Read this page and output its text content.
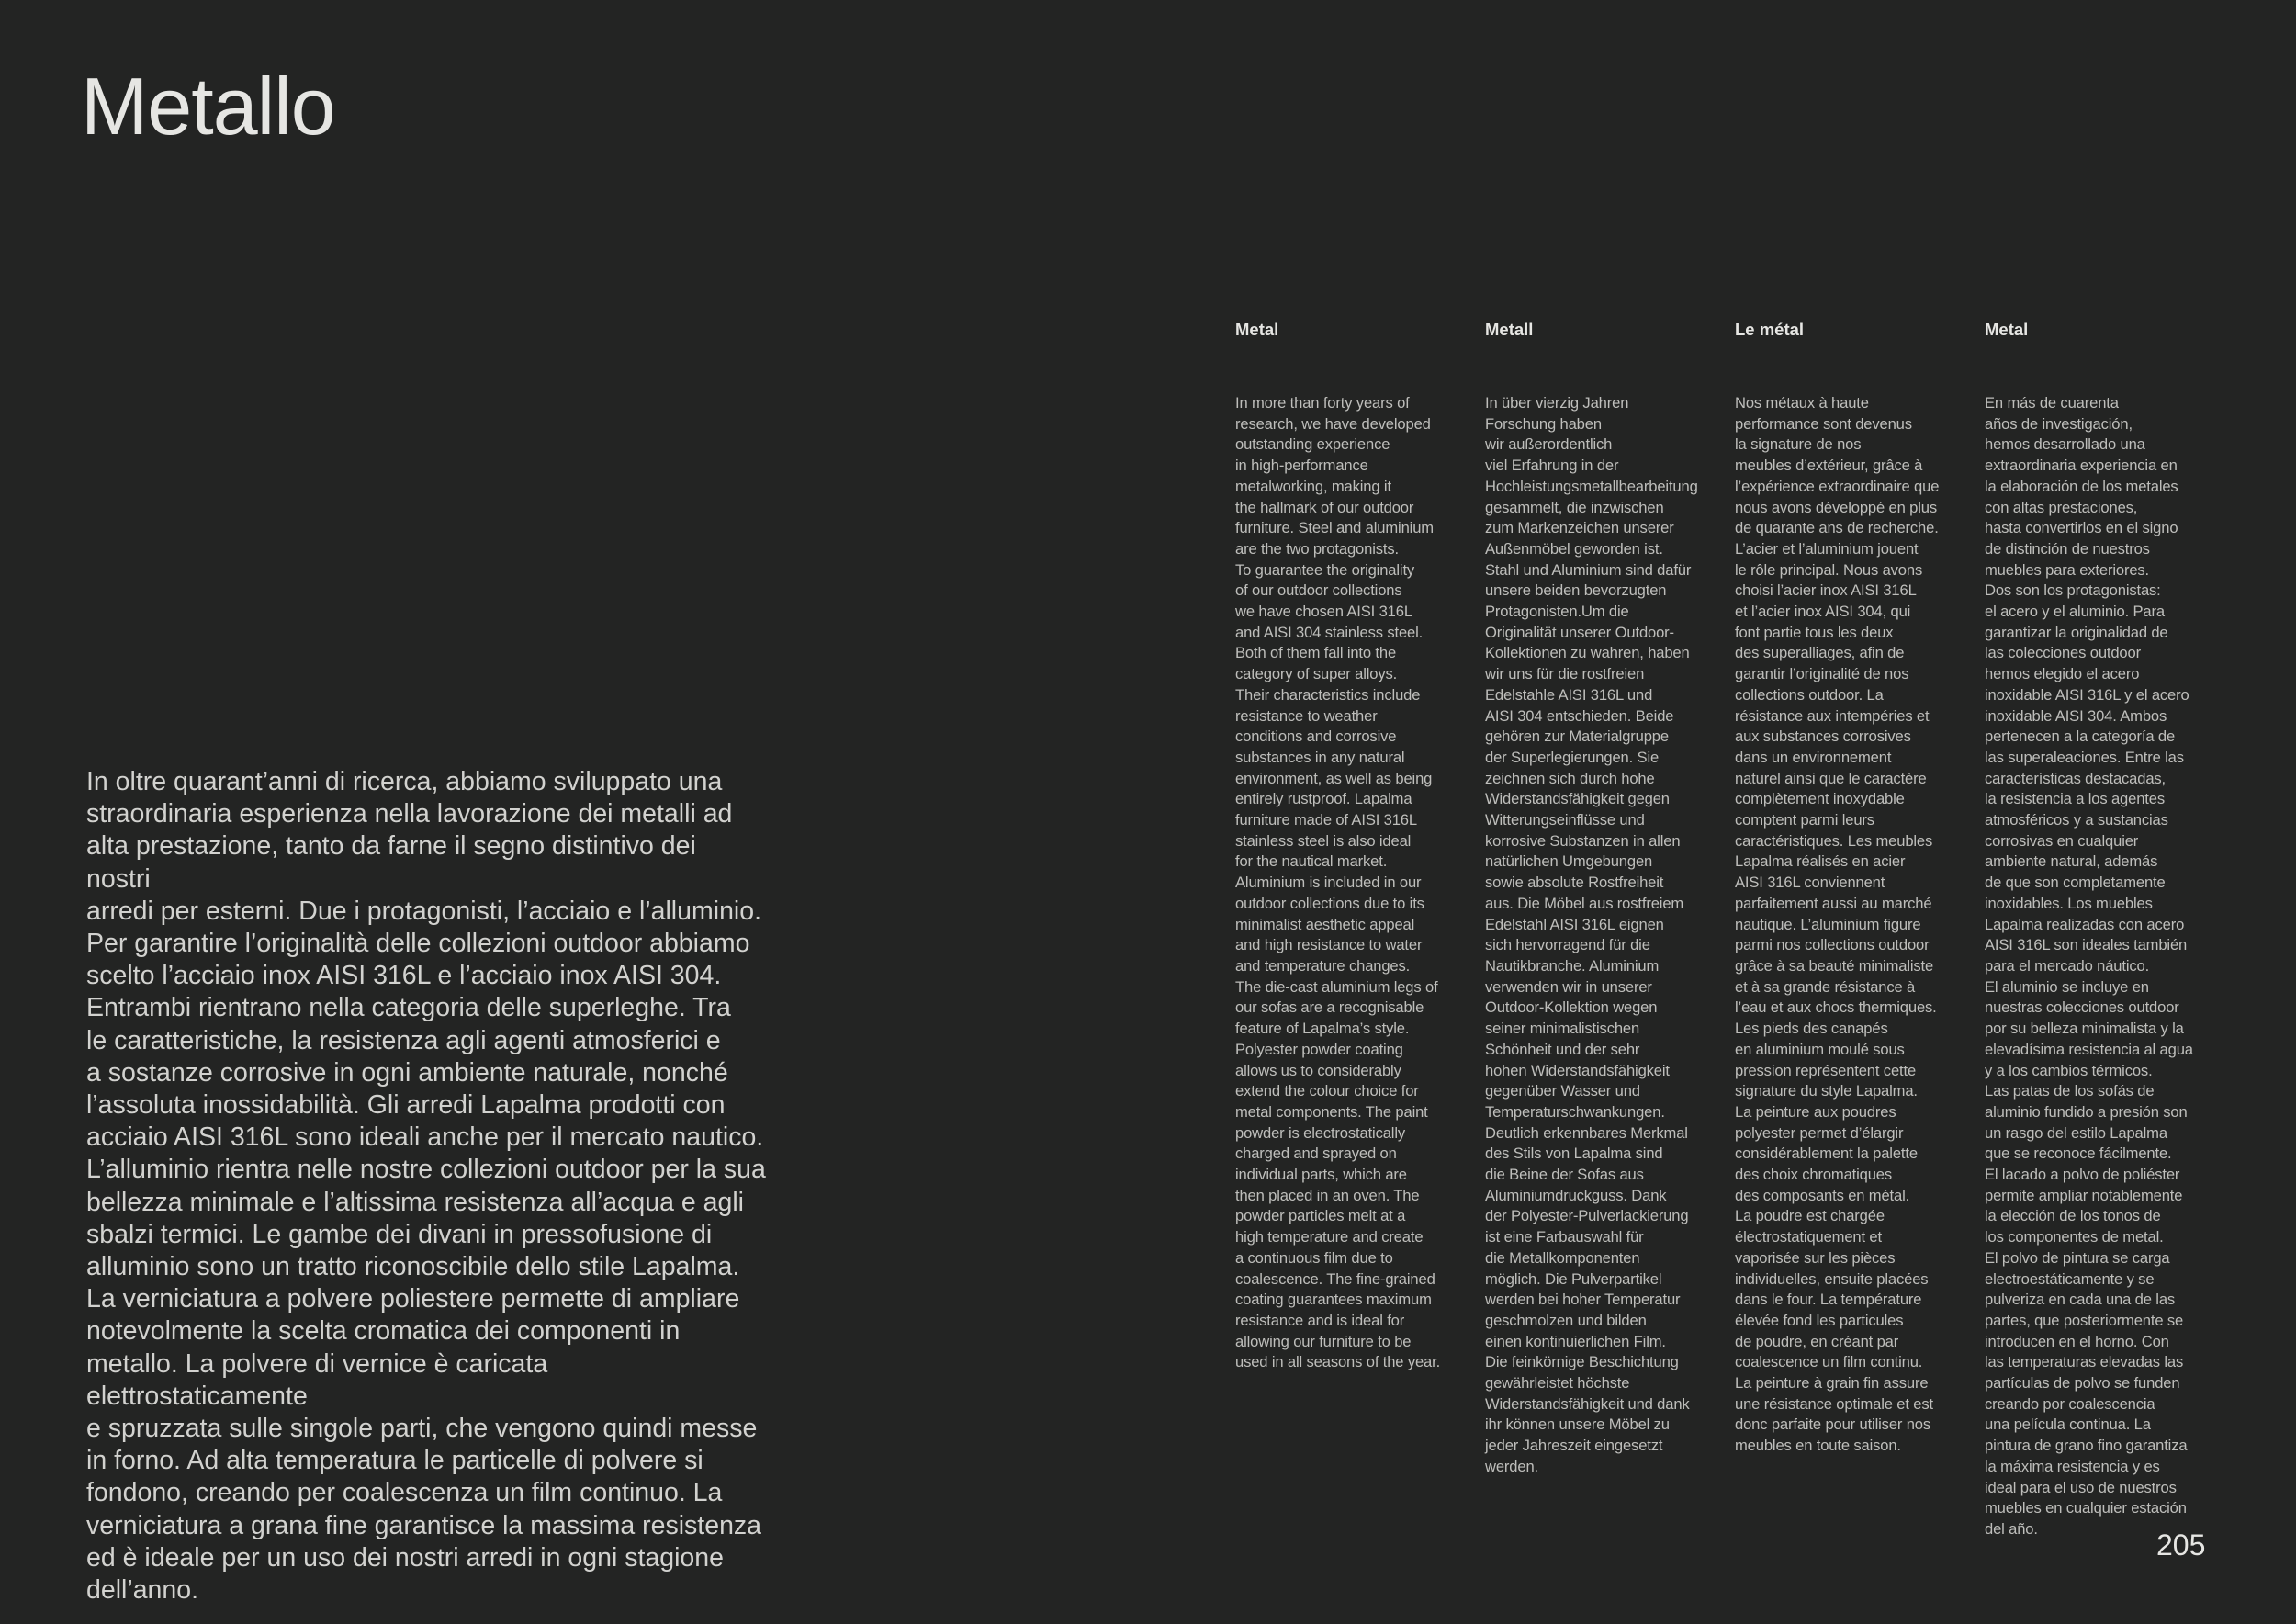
Metallo

In oltre quarant’anni di ricerca, abbiamo sviluppato una
straordinaria esperienza nella lavorazione dei metalli ad
alta prestazione, tanto da farne il segno distintivo dei nostri
arredi per esterni. Due i protagonisti, l’acciaio e l’alluminio.
Per garantire l’originalità delle collezioni outdoor abbiamo
scelto l’acciaio inox AISI 316L e l’acciaio inox AISI 304.
Entrambi rientrano nella categoria delle superleghe. Tra
le caratteristiche, la resistenza agli agenti atmosferici e
a sostanze corrosive in ogni ambiente naturale, nonché
l’assoluta inossidabilità. Gli arredi Lapalma prodotti con
acciaio AISI 316L sono ideali anche per il mercato nautico.
L’alluminio rientra nelle nostre collezioni outdoor per la sua
bellezza minimale e l’altissima resistenza all’acqua e agli
sbalzi termici. Le gambe dei divani in pressofusione di
alluminio sono un tratto riconoscibile dello stile Lapalma.
La verniciatura a polvere poliestere permette di ampliare
notevolmente la scelta cromatica dei componenti in
metallo. La polvere di vernice è caricata elettrostaticamente
e spruzzata sulle singole parti, che vengono quindi messe
in forno. Ad alta temperatura le particelle di polvere si
fondono, creando per coalescenza un film continuo. La
verniciatura a grana fine garantisce la massima resistenza
ed è ideale per un uso dei nostri arredi in ogni stagione
dell’anno.

Metal

In more than forty years of
research, we have developed
outstanding experience
in high-performance
metalworking, making it
the hallmark of our outdoor
furniture. Steel and aluminium
are the two protagonists.
To guarantee the originality
of our outdoor collections
we have chosen AISI 316L
and AISI 304 stainless steel.
Both of them fall into the
category of super alloys.
Their characteristics include
resistance to weather
conditions and corrosive
substances in any natural
environment, as well as being
entirely rustproof. Lapalma
furniture made of AISI 316L
stainless steel is also ideal
for the nautical market.
Aluminium is included in our
outdoor collections due to its
minimalist aesthetic appeal
and high resistance to water
and temperature changes.
The die-cast aluminium legs of
our sofas are a recognisable
feature of Lapalma’s style.
Polyester powder coating
allows us to considerably
extend the colour choice for
metal components. The paint
powder is electrostatically
charged and sprayed on
individual parts, which are
then placed in an oven. The
powder particles melt at a
high temperature and create
a continuous film due to
coalescence. The fine-grained
coating guarantees maximum
resistance and is ideal for
allowing our furniture to be
used in all seasons of the year.

Metall

In über vierzig Jahren
Forschung haben
wir außerordentlich
viel Erfahrung in der
Hochleistungsmetallbearbeitung
gesammelt, die inzwischen
zum Markenzeichen unserer
Außenmöbel geworden ist.
Stahl und Aluminium sind dafür
unsere beiden bevorzugten
Protagonisten.Um die
Originalität unserer Outdoor-
Kollektionen zu wahren, haben
wir uns für die rostfreien
Edelstahle AISI 316L und
AISI 304 entschieden. Beide
gehören zur Materialgruppe
der Superlegierungen. Sie
zeichnen sich durch hohe
Widerstandsfähigkeit gegen
Witterungseinflüsse und
korrosive Substanzen in allen
natürlichen Umgebungen
sowie absolute Rostfreiheit
aus. Die Möbel aus rostfreiem
Edelstahl AISI 316L eignen
sich hervorragend für die
Nautikbranche. Aluminium
verwenden wir in unserer
Outdoor-Kollektion wegen
seiner minimalistischen
Schönheit und der sehr
hohen Widerstandsfähigkeit
gegenüber Wasser und
Temperaturschwankungen.
Deutlich erkennbares Merkmal
des Stils von Lapalma sind
die Beine der Sofas aus
Aluminiumdruckguss. Dank
der Polyester-Pulverlackierung
ist eine Farbauswahl für
die Metallkomponenten
möglich. Die Pulverpartikel
werden bei hoher Temperatur
geschmolzen und bilden
einen kontinuierlichen Film.
Die feinkörnige Beschichtung
gewährleistet höchste
Widerstandsfähigkeit und dank
ihr können unsere Möbel zu
jeder Jahreszeit eingesetzt
werden.

Le métal

Nos métaux à haute
performance sont devenus
la signature de nos
meubles d’extérieur, grâce à
l’expérience extraordinaire que
nous avons développé en plus
de quarante ans de recherche.
L’acier et l’aluminium jouent
le rôle principal. Nous avons
choisi l’acier inox AISI 316L
et l’acier inox AISI 304, qui
font partie tous les deux
des superalliages, afin de
garantir l’originalité de nos
collections outdoor. La
résistance aux intempéries et
aux substances corrosives
dans un environnement
naturel ainsi que le caractère
complètement inoxydable
comptent parmi leurs
caractéristiques. Les meubles
Lapalma réalisés en acier
AISI 316L conviennent
parfaitement aussi au marché
nautique. L’aluminium figure
parmi nos collections outdoor
grâce à sa beauté minimaliste
et à sa grande résistance à
l’eau et aux chocs thermiques.
Les pieds des canapés
en aluminium moulé sous
pression représentent cette
signature du style Lapalma.
La peinture aux poudres
polyester permet d’élargir
considérablement la palette
des choix chromatiques
des composants en métal.
La poudre est chargée
électrostatiquement et
vaporisée sur les pièces
individuelles, ensuite placées
dans le four. La température
élevée fond les particules
de poudre, en créant par
coalescence un film continu.
La peinture à grain fin assure
une résistance optimale et est
donc parfaite pour utiliser nos
meubles en toute saison.

Metal

En más de cuarenta
años de investigación,
hemos desarrollado una
extraordinaria experiencia en
la elaboración de los metales
con altas prestaciones,
hasta convertirlos en el signo
de distinción de nuestros
muebles para exteriores.
Dos son los protagonistas:
el acero y el aluminio. Para
garantizar la originalidad de
las colecciones outdoor
hemos elegido el acero
inoxidable AISI 316L y el acero
inoxidable AISI 304. Ambos
pertenecen a la categoría de
las superaleaciones. Entre las
características destacadas,
la resistencia a los agentes
atmosféricos y a sustancias
corrosivas en cualquier
ambiente natural, además
de que son completamente
inoxidables. Los muebles
Lapalma realizadas con acero
AISI 316L son ideales también
para el mercado náutico.
El aluminio se incluye en
nuestras colecciones outdoor
por su belleza minimalista y la
elevadísima resistencia al agua
y a los cambios térmicos.
Las patas de los sofás de
aluminio fundido a presión son
un rasgo del estilo Lapalma
que se reconoce fácilmente.
El lacado a polvo de poliéster
permite ampliar notablemente
la elección de los tonos de
los componentes de metal.
El polvo de pintura se carga
electroestáticamente y se
pulveriza en cada una de las
partes, que posteriormente se
introducen en el horno. Con
las temperaturas elevadas las
partículas de polvo se funden
creando por coalescencia
una película continua. La
pintura de grano fino garantiza
la máxima resistencia y es
ideal para el uso de nuestros
muebles en cualquier estación
del año.	205
